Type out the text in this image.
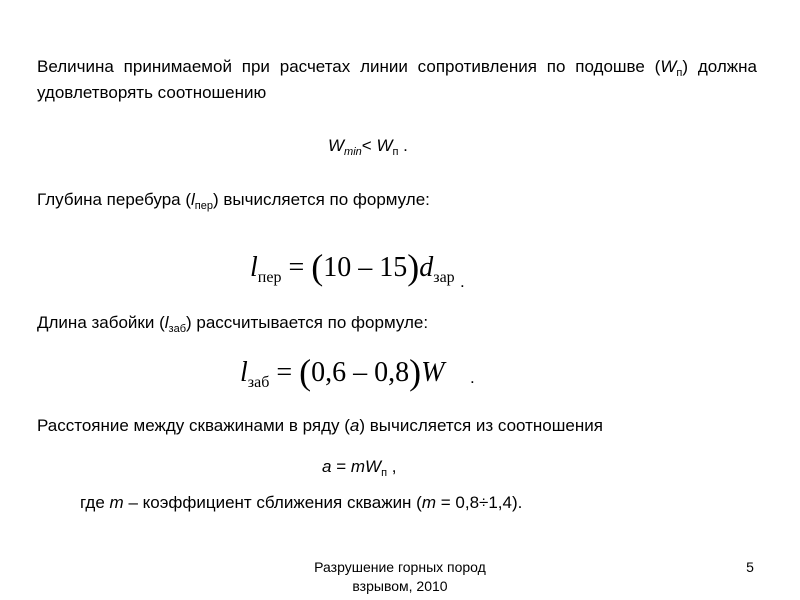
Величина принимаемой при расчетах линии сопротивления по подошве $(W_п)$ должна удовлетворять соотношению
$W_{min}< W_п$ .
Глубина перебура $(l_{пер})$ вычисляется по формуле:
$l_{пер} = (10 - 15)d_{зар}$ .
Длина забойки $(l_{заб})$ рассчитывается по формуле:
$l_{заб} = (0,6 - 0,8)W$ .
Расстояние между скважинами в ряду (а) вычисляется из соотношения
$а = mW_п$ ,
где m – коэффициент сближения скважин (m = 0,8÷1,4).
Разрушение горных пород
взрывом, 2010
5
